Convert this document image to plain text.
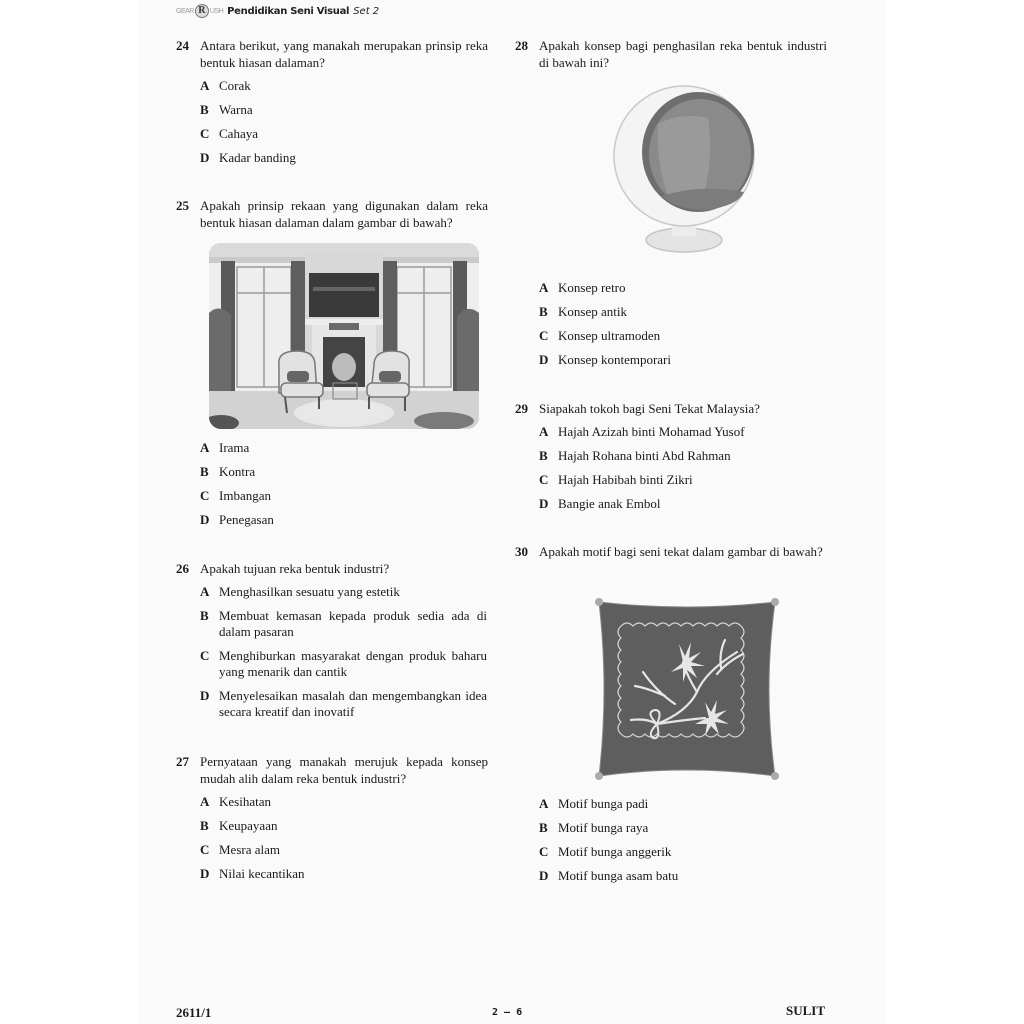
GEAR R USH Pendidikan Seni Visual Set 2
24 Antara berikut, yang manakah merupakan prinsip reka bentuk hiasan dalaman?
A Corak
B Warna
C Cahaya
D Kadar banding
25 Apakah prinsip rekaan yang digunakan dalam reka bentuk hiasan dalaman dalam gambar di bawah?
A Irama
B Kontra
C Imbangan
D Penegasan
26 Apakah tujuan reka bentuk industri?
A Menghasilkan sesuatu yang estetik
B Membuat kemasan kepada produk sedia ada di dalam pasaran
C Menghiburkan masyarakat dengan produk baharu yang menarik dan cantik
D Menyelesaikan masalah dan mengembangkan idea secara kreatif dan inovatif
27 Pernyataan yang manakah merujuk kepada konsep mudah alih dalam reka bentuk industri?
A Kesihatan
B Keupayaan
C Mesra alam
D Nilai kecantikan
28 Apakah konsep bagi penghasilan reka bentuk industri di bawah ini?
A Konsep retro
B Konsep antik
C Konsep ultramoden
D Konsep kontemporari
29 Siapakah tokoh bagi Seni Tekat Malaysia?
A Hajah Azizah binti Mohamad Yusof
B Hajah Rohana binti Abd Rahman
C Hajah Habibah binti Zikri
D Bangie anak Embol
30 Apakah motif bagi seni tekat dalam gambar di bawah?
A Motif bunga padi
B Motif bunga raya
C Motif bunga anggerik
D Motif bunga asam batu
2611/1	2 – 6	SULIT
